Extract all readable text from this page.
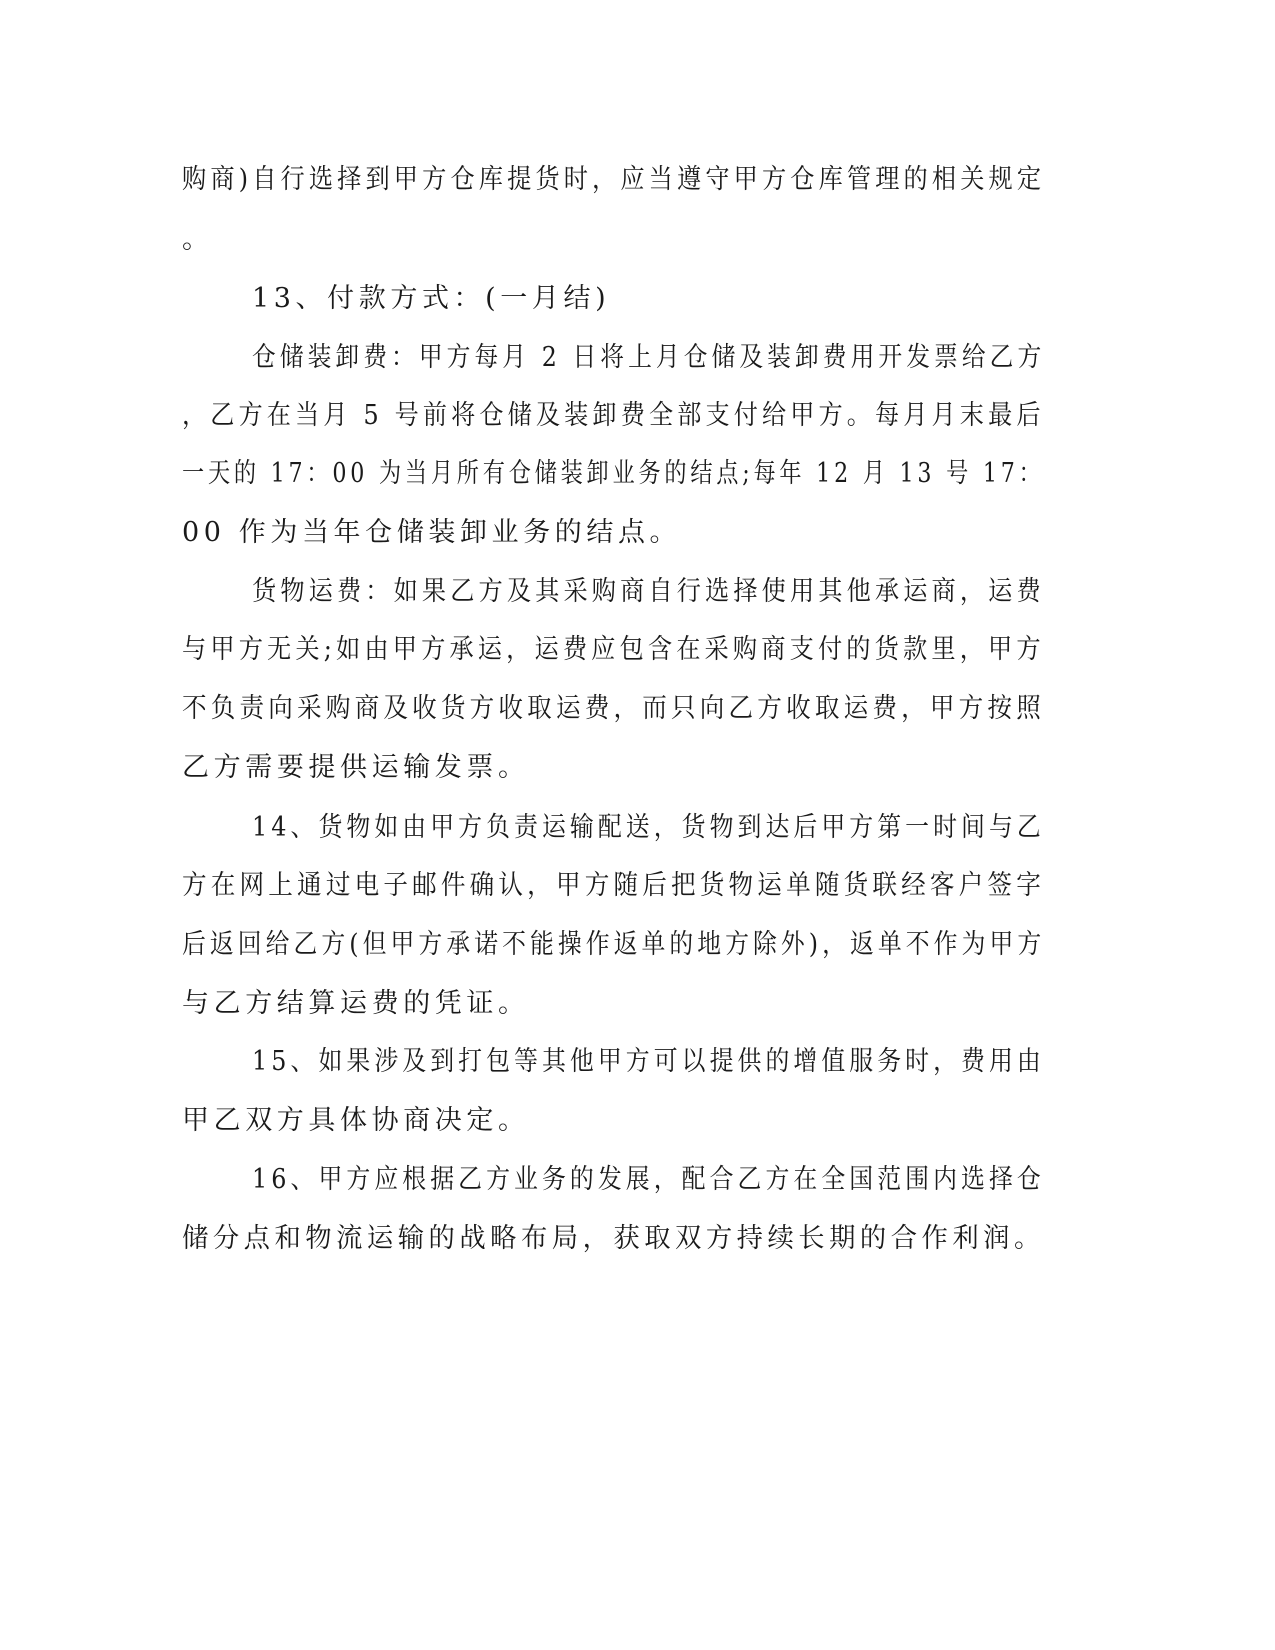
购商)自行选择到甲方仓库提货时，应当遵守甲方仓库管理的相关规定
。
13、付款方式：(一月结)
仓储装卸费：甲方每月 2 日将上月仓储及装卸费用开发票给乙方
，乙方在当月 5 号前将仓储及装卸费全部支付给甲方。每月月末最后
一天的 17：00 为当月所有仓储装卸业务的结点;每年 12 月 13 号 17：
00 作为当年仓储装卸业务的结点。
货物运费：如果乙方及其采购商自行选择使用其他承运商，运费
与甲方无关;如由甲方承运，运费应包含在采购商支付的货款里，甲方
不负责向采购商及收货方收取运费，而只向乙方收取运费，甲方按照
乙方需要提供运输发票。
14、货物如由甲方负责运输配送，货物到达后甲方第一时间与乙
方在网上通过电子邮件确认，甲方随后把货物运单随货联经客户签字
后返回给乙方(但甲方承诺不能操作返单的地方除外)，返单不作为甲方
与乙方结算运费的凭证。
15、如果涉及到打包等其他甲方可以提供的增值服务时，费用由
甲乙双方具体协商决定。
16、甲方应根据乙方业务的发展，配合乙方在全国范围内选择仓
储分点和物流运输的战略布局，获取双方持续长期的合作利润。
